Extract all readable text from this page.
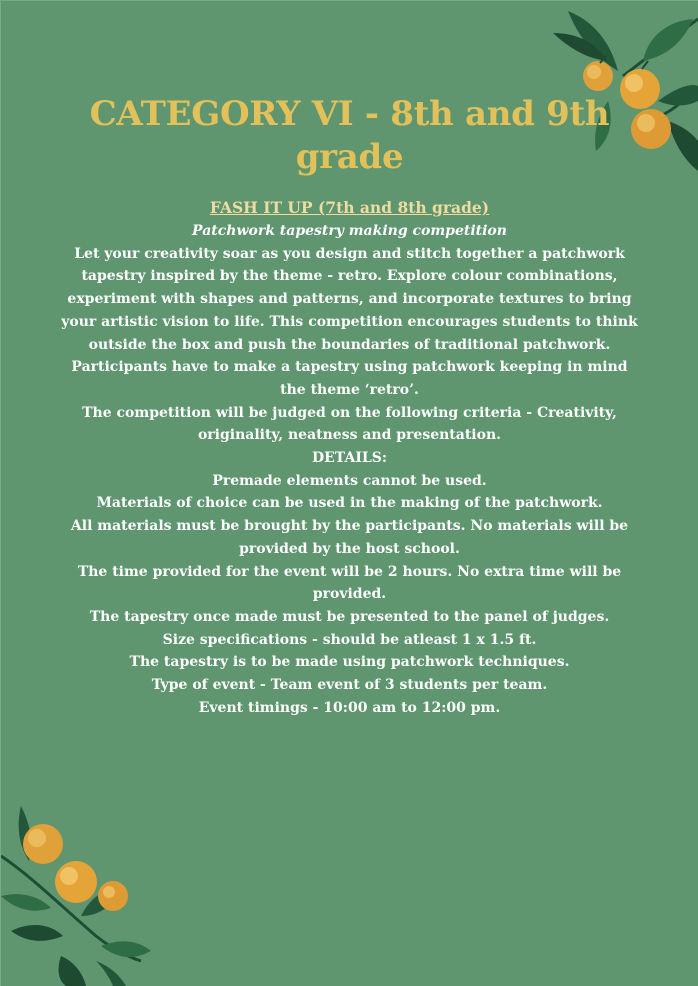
CATEGORY VI - 8th and 9th grade

FASH IT UP (7th and 8th grade)

Patchwork tapestry making competition

Let your creativity soar as you design and stitch together a patchwork tapestry inspired by the theme - retro. Explore colour combinations, experiment with shapes and patterns, and incorporate textures to bring your artistic vision to life. This competition encourages students to think outside the box and push the boundaries of traditional patchwork. Participants have to make a tapestry using patchwork keeping in mind the theme ‘retro’.

The competition will be judged on the following criteria - Creativity, originality, neatness and presentation.

DETAILS:

Premade elements cannot be used.
Materials of choice can be used in the making of the patchwork.
All materials must be brought by the participants. No materials will be provided by the host school.
The time provided for the event will be 2 hours. No extra time will be provided.
The tapestry once made must be presented to the panel of judges.
Size specifications - should be atleast 1 x 1.5 ft.
The tapestry is to be made using patchwork techniques.
Type of event - Team event of 3 students per team.
Event timings - 10:00 am to 12:00 pm.
